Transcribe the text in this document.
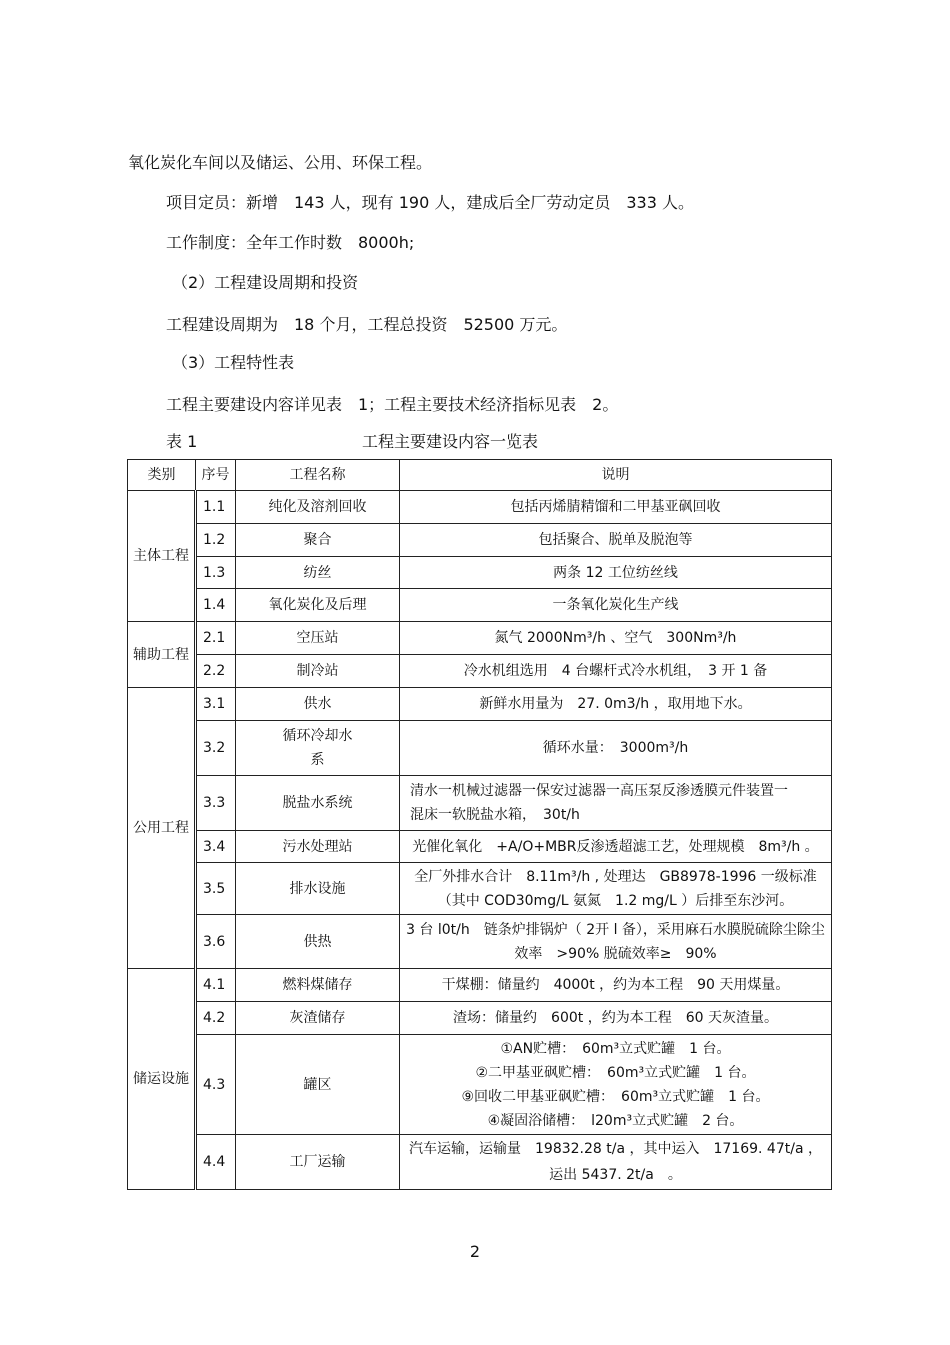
氧化炭化车间以及储运、公用、环保工程。
项目定员：新增　143 人，现有 190 人，建成后全厂劳动定员　333 人。
工作制度：全年工作时数　8000h;
（2）工程建设周期和投资
工程建设周期为　18 个月，工程总投资　52500 万元。
（3）工程特性表
工程主要建设内容详见表　1；工程主要技术经济指标见表　2。
表 1	工程主要建设内容一览表
类别	序号	工程名称	说明
主体工程	1.1	纯化及溶剂回收	包括丙烯腈精馏和二甲基亚砜回收
	1.2	聚合	包括聚合、脱单及脱泡等
	1.3	纺丝	两条 12 工位纺丝线
	1.4	氧化炭化及后理	一条氧化炭化生产线
辅助工程	2.1	空压站	氮气 2000Nm³/h 、空气　300Nm³/h
	2.2	制冷站	冷水机组选用　4 台螺杆式冷水机组，　3 开 1 备
公用工程	3.1	供水	新鲜水用量为　27. 0m3/h ，取用地下水。
	3.2	循环冷却水系	循环水量：　3000m³/h
	3.3	脱盐水系统	清水一机械过滤器一保安过滤器一高压泵反渗透膜元件装置一混床一软脱盐水箱，　30t/h
	3.4	污水处理站	光催化氧化　+A/O+MBR反渗透超滤工艺，处理规模　8m³/h 。
	3.5	排水设施	全厂外排水合计　8.11m³/h , 处理达　GB8978-1996 一级标准（其中 COD30mg/L 氨氮　1.2 mg/L ）后排至东沙河。
	3.6	供热	3 台 l0t/h　链条炉排锅炉（ 2开 l 备），采用麻石水膜脱硫除尘除尘效率　>90% 脱硫效率≥　90%
储运设施	4.1	燃料煤储存	干煤棚：储量约　4000t ，约为本工程　90 天用煤量。
	4.2	灰渣储存	渣场：储量约　600t ，约为本工程　60 天灰渣量。
	4.3	罐区	①AN贮槽：　60m³立式贮罐　1 台。
②二甲基亚砜贮槽：　60m³立式贮罐　1 台。
⑨回收二甲基亚砜贮槽：　60m³立式贮罐　1 台。
④凝固浴储槽：　l20m³立式贮罐　2 台。

	4.4	工厂运输	汽车运输，运输量　19832.28 t/a ，其中运入　17169. 47t/a ，运出 5437. 2t/a　。
2
